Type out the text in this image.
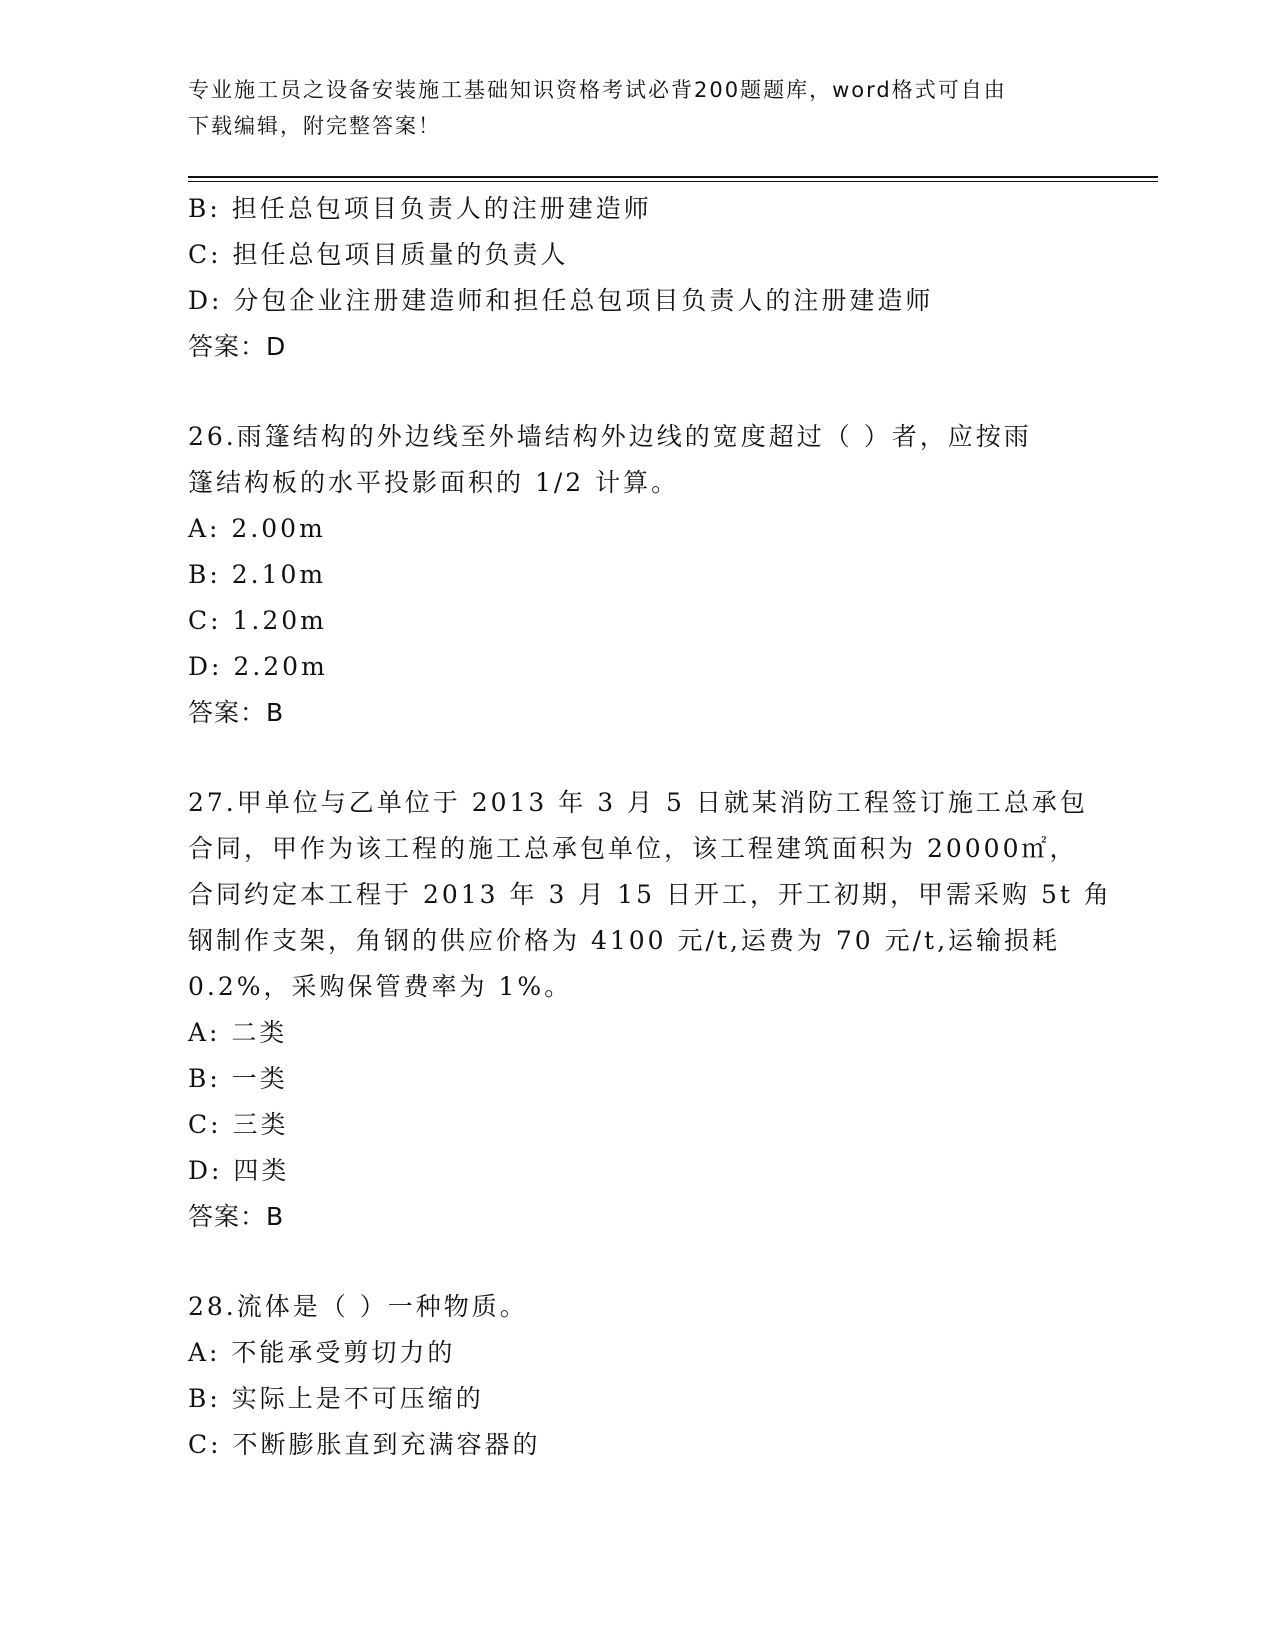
专业施工员之设备安装施工基础知识资格考试必背200题题库，word格式可自由
下载编辑，附完整答案！
B: 担任总包项目负责人的注册建造师
C: 担任总包项目质量的负责人
D: 分包企业注册建造师和担任总包项目负责人的注册建造师
答案：D
26.雨篷结构的外边线至外墙结构外边线的宽度超过（ ）者，应按雨
篷结构板的水平投影面积的 1/2 计算。
A: 2.00m
B: 2.10m
C: 1.20m
D: 2.20m
答案：B
27.甲单位与乙单位于 2013 年 3 月 5 日就某消防工程签订施工总承包
合同，甲作为该工程的施工总承包单位，该工程建筑面积为 20000㎡，
合同约定本工程于 2013 年 3 月 15 日开工，开工初期，甲需采购 5t 角
钢制作支架，角钢的供应价格为 4100 元/t,运费为 70 元/t,运输损耗
0.2%，采购保管费率为 1%。
A: 二类
B: 一类
C: 三类
D: 四类
答案：B
28.流体是（ ）一种物质。
A: 不能承受剪切力的
B: 实际上是不可压缩的
C: 不断膨胀直到充满容器的
